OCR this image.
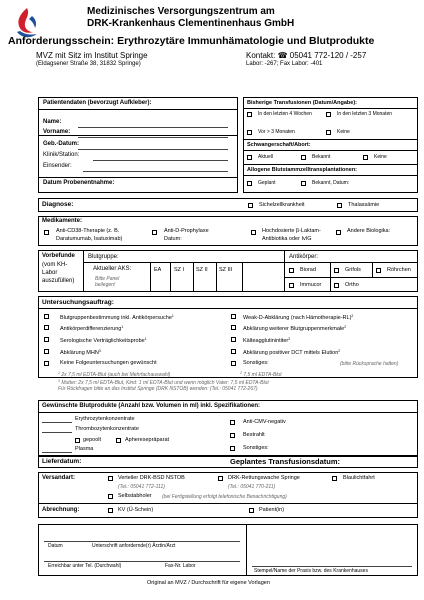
Medizinisches Versorgungszentrum am
DRK-Krankenhaus Clementinenhaus GmbH
Anforderungsschein: Erythrozytäre Immunhämatologie und Blutprodukte
MVZ mit Sitz im Institut Springe
(Eldagsener Straße 38, 31832 Springe)
Kontakt: ☎ 05041 772-120 / -257
Labor: -267; Fax Labor: -401
Patientendaten (bevorzugt Aufkleber):
Name:
Vorname:
Geb.-Datum:
Klinik/Station:
Einsender:
Datum Probenentnahme:
Bisherige Transfusionen (Datum/Angabe):
In den letzten 4 Wochen	In den letzten 3 Monaten
Vor > 3 Monaten	Keine
Schwangerschaft/Abort:
Aktuell	Bekannt	Keine
Allogene Blutstammzelltransplantationen:
Geplant	Bekannt, Datum:
Diagnose:	Sichelzellkrankheit	Thalassämie
Medikamente:
Anti-CD38-Therapie (z. B.
Daratumumab, Isatuximab)
Anti-D-Prophylaxe
Datum:
Hochdosierte β-Laktam-
Antibiotika oder IvIG
Andere Biologika:
Vorbefunde
(vom KH-
Labor
auszufüllen)
Blutgruppe:	Antikörper:
Aktueller AKS:
Bitte Panel
beilegen!
EA SZ I SZ II SZ III	Biorad	Grifols	Röhrchen
Immucor	Ortho
Untersuchungsauftrag:
Blutgruppenbestimmung inkl. Antikörpersuche$^1$
Antikörperdifferenzierung$^1$
Serologische Verträglichkeitsprobe$^1$
Abklärung MHN$^3$
Keine Folgeuntersuchungen gewünscht
Weak-D-Abklärung (nach Hämotherapie-RL)$^2$
Abklärung weiterer Blutgruppenmerkmale$^2$
Kälteagglutinintiter$^2$
Abklärung positiver DCT mittels Elution$^2$
Sonstiges:	(bitte Rücksprache halten)
$^1$ 2x 7,5 ml EDTA-Blut (auch bei Mehrfachauswahl)	$^2$ 7,5 ml EDTA-Blut
$^3$ Mutter: 2x 7,5 ml EDTA-Blut, Kind: 1 ml EDTA-Blut und wenn möglich Vater: 7,5 ml EDTA-Blut
Für Rückfragen bitte an das Institut Springe (DRK NSTOB) wenden: (Tel.: 05041 772-267)
Gewünschte Blutprodukte (Anzahl bzw. Volumen in ml) inkl. Spezifikationen:
Erythrozytenkonzentrate
Thrombozytenkonzentrate
gepoolt	Apheresepräparat
Plasma
Anti-CMV-negativ
Bestrahlt
Sonstiges:
Lieferdatum:	Geplantes Transfusionsdatum:
Versandart:	Verteiler DRK-BSD NSTOB
(Tel.: 05041 772-111)
DRK-Rettungswache Springe
(Tel.: 05041 770-211)
Blaulichtfahrt
Selbstabholer (bei Fertigstellung erfolgt telefonische Benachrichtigung)
Abrechnung:	KV (Ü-Schein)	Patient(in)
Datum	Unterschrift anfordernde(r) Ärztin/Arzt
Erreichbar unter Tel. (Durchwahl)	Fax-Nr. Labor
Stempel/Name der Praxis bzw. des Krankenhauses
Original an MVZ / Durchschrift für eigene Vorlagen
